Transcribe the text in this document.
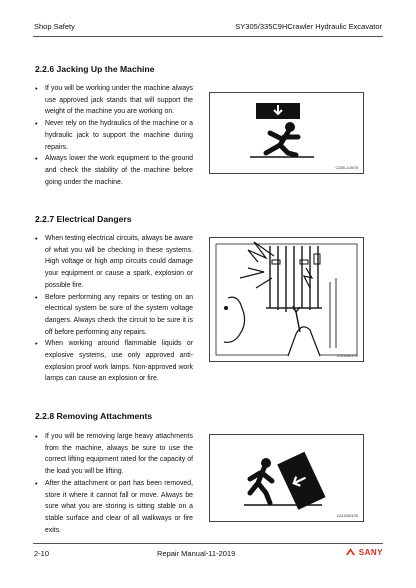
Shop Safety	SY305/335C9HCrawler Hydraulic Excavator
2.2.6 Jacking Up the Machine
• If you will be working under the machine always use approved jack stands that will support the weight of the machine you are working on.
• Never rely on the hydraulics of the machine or a hydraulic jack to support the machine during repairs.
• Always lower the work equipment to the ground and check the stability of the machine before going under the machine.
C235I-110078
2.2.7 Electrical Dangers
• When testing electrical circuits, always be aware of what you will be checking in these systems. High voltage or high amp circuits could damage your equipment or cause a spark, explosion or possible fire.
• Before performing any repairs or testing on an electrical system be sure of the system voltage dangers. Always check the circuit to be sure it is off before performing any repairs.
• When working around flammable liquids or explosive systems, use only approved anti-explosion proof work lamps. Non-approved work lamps can cause an explosion or fire.
CA1306210S
2.2.8 Removing Attachments
• If you will be removing large heavy attachments from the machine, always be sure to use the correct lifting equipment rated for the capacity of the load you will be lifting.
• After the attachment or part has been removed, store it where it cannot fall or move. Always be sure what you are storing is sitting stable on a stable surface and clear of all walkways or fire exits.
CA1306210S
2-10	Repair Manual-11-2019	SANY
